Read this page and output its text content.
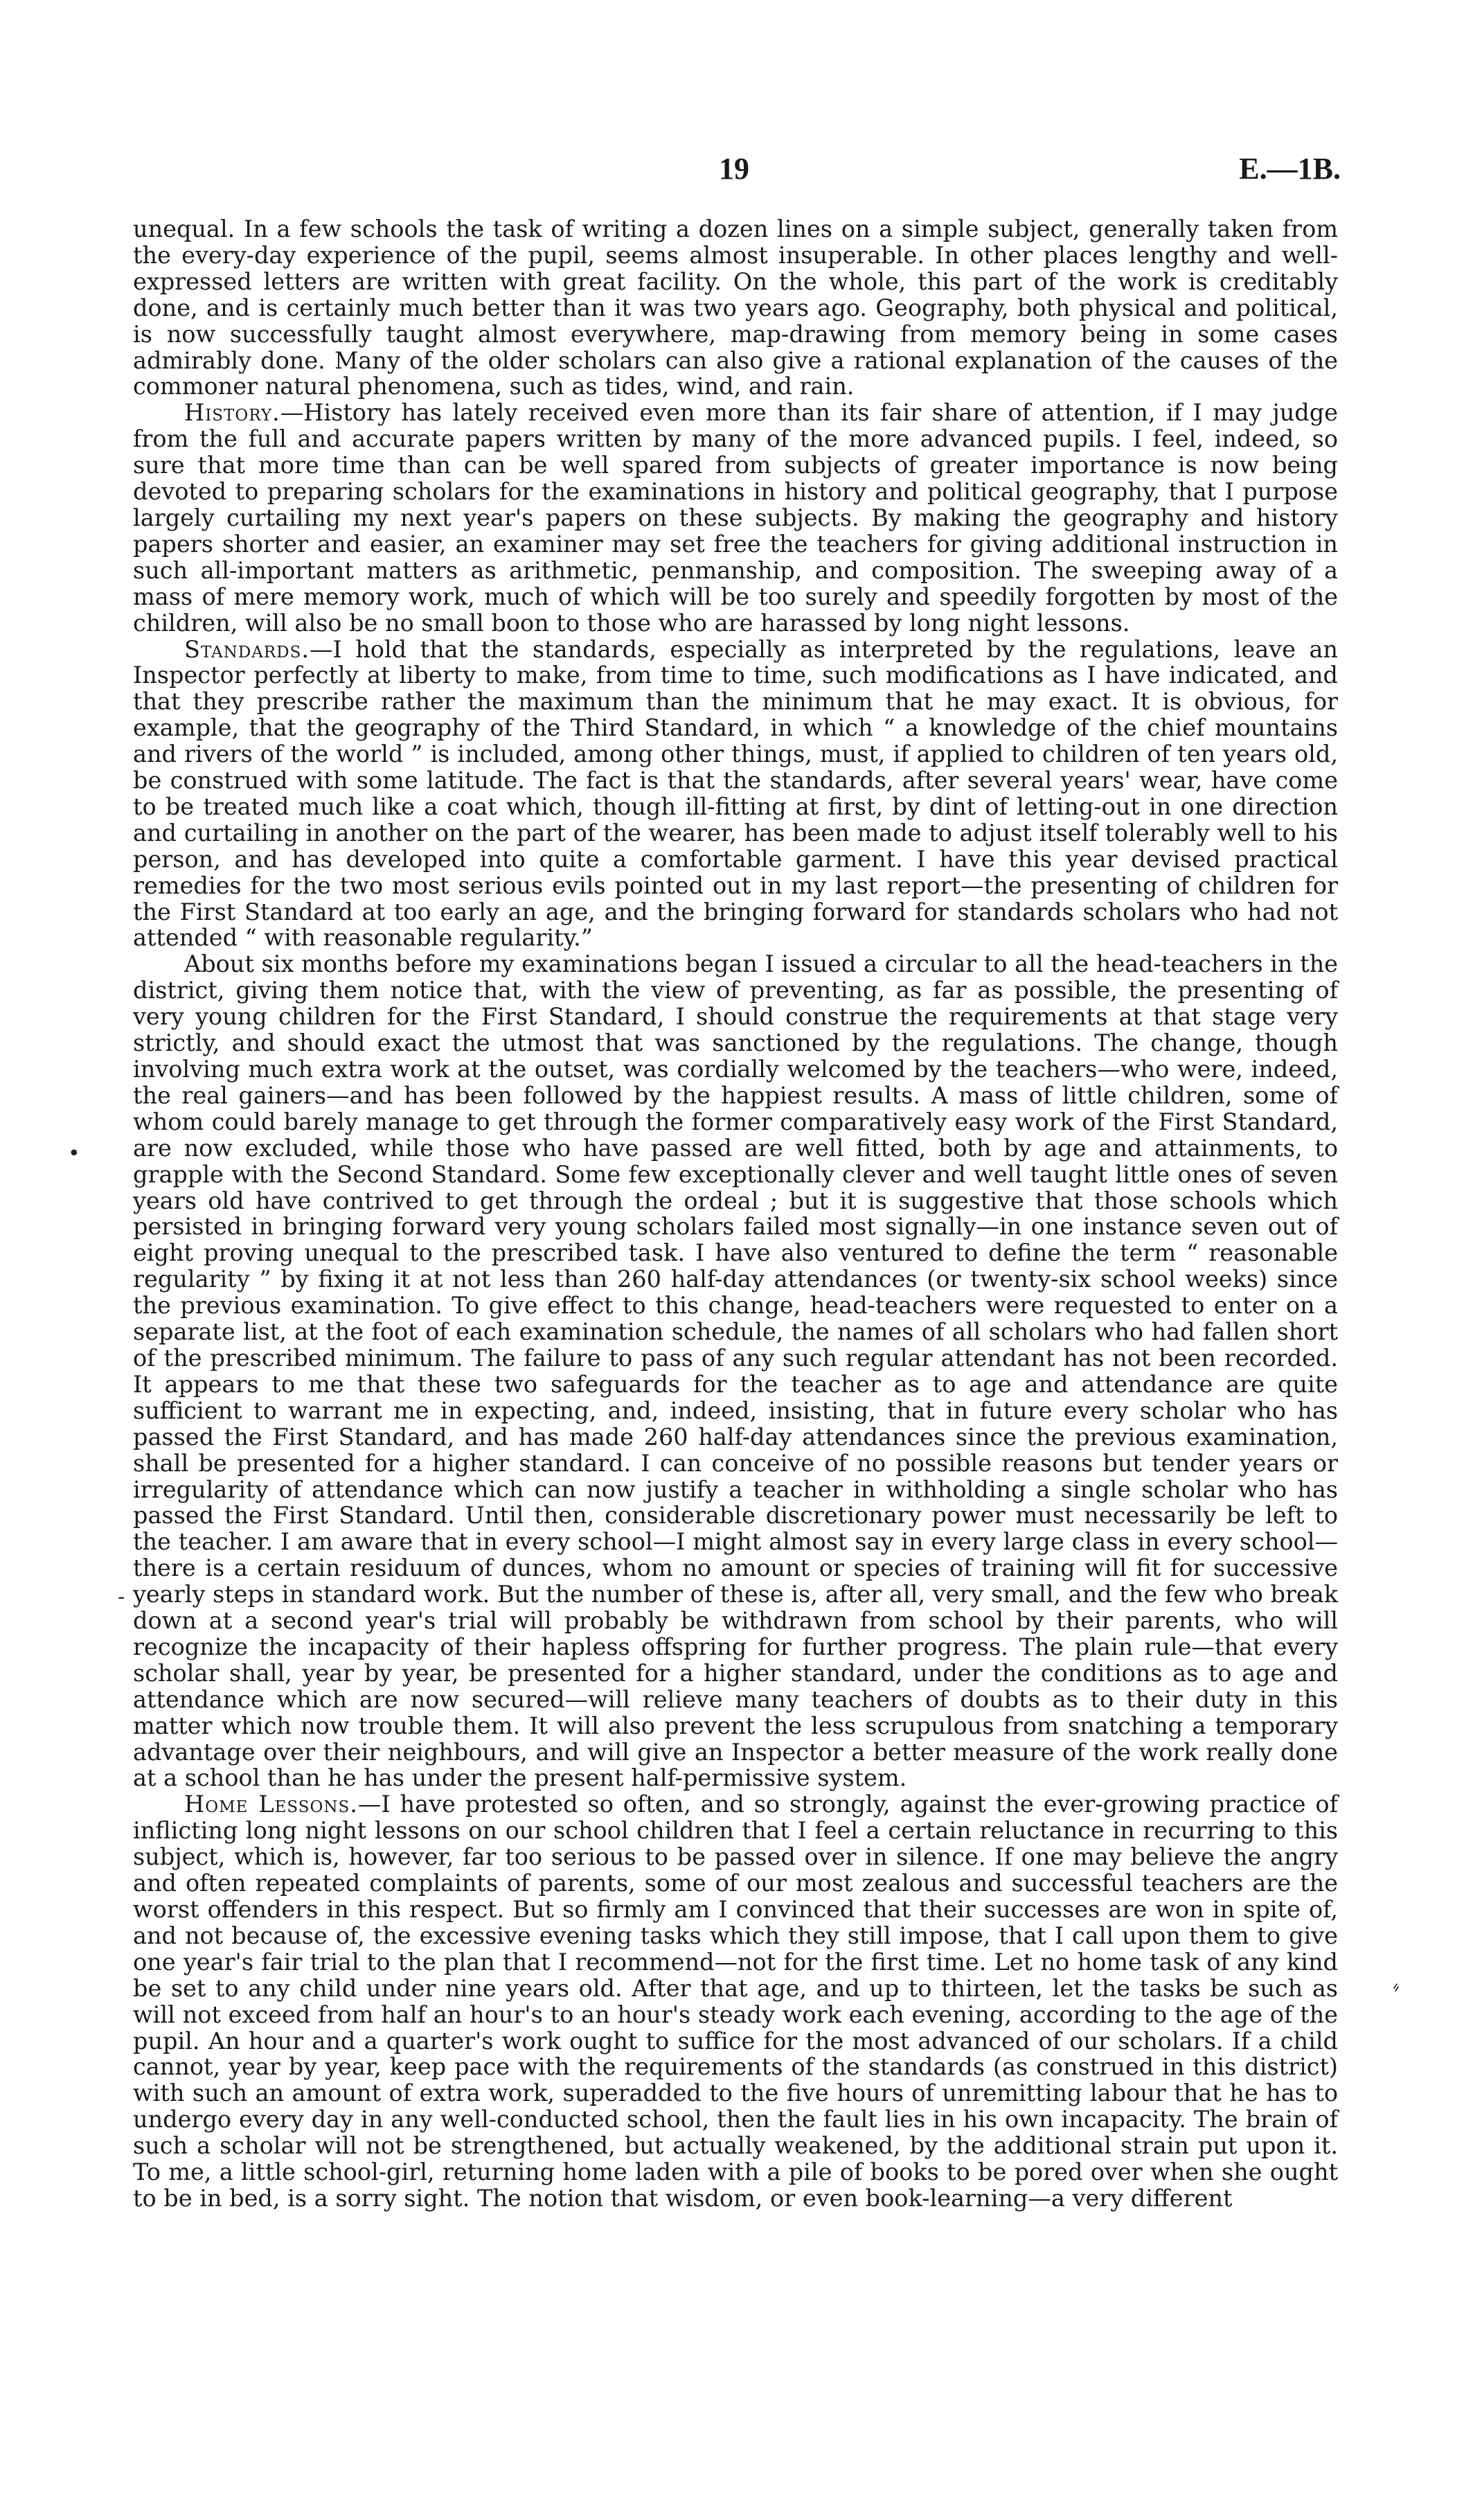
19	E.—1B.

unequal. In a few schools the task of writing a dozen lines on a simple subject, generally taken from the every-day experience of the pupil, seems almost insuperable. In other places lengthy and well-expressed letters are written with great facility. On the whole, this part of the work is creditably done, and is certainly much better than it was two years ago. Geography, both physical and political, is now successfully taught almost everywhere, map-drawing from memory being in some cases admirably done. Many of the older scholars can also give a rational explanation of the causes of the commoner natural phenomena, such as tides, wind, and rain.

History.—History has lately received even more than its fair share of attention, if I may judge from the full and accurate papers written by many of the more advanced pupils. I feel, indeed, so sure that more time than can be well spared from subjects of greater importance is now being devoted to preparing scholars for the examinations in history and political geography, that I purpose largely curtailing my next year's papers on these subjects. By making the geography and history papers shorter and easier, an examiner may set free the teachers for giving additional instruction in such all-important matters as arithmetic, penmanship, and composition. The sweeping away of a mass of mere memory work, much of which will be too surely and speedily forgotten by most of the children, will also be no small boon to those who are harassed by long night lessons.

Standards.—I hold that the standards, especially as interpreted by the regulations, leave an Inspector perfectly at liberty to make, from time to time, such modifications as I have indicated, and that they prescribe rather the maximum than the minimum that he may exact. It is obvious, for example, that the geography of the Third Standard, in which “ a knowledge of the chief mountains and rivers of the world ” is included, among other things, must, if applied to children of ten years old, be construed with some latitude. The fact is that the standards, after several years' wear, have come to be treated much like a coat which, though ill-fitting at first, by dint of letting-out in one direction and curtailing in another on the part of the wearer, has been made to adjust itself tolerably well to his person, and has developed into quite a comfortable garment. I have this year devised practical remedies for the two most serious evils pointed out in my last report—the presenting of children for the First Standard at too early an age, and the bringing forward for standards scholars who had not attended “ with reasonable regularity.”

About six months before my examinations began I issued a circular to all the head-teachers in the district, giving them notice that, with the view of preventing, as far as possible, the presenting of very young children for the First Standard, I should construe the requirements at that stage very strictly, and should exact the utmost that was sanctioned by the regulations. The change, though involving much extra work at the outset, was cordially welcomed by the teachers—who were, indeed, the real gainers—and has been followed by the happiest results. A mass of little children, some of whom could barely manage to get through the former comparatively easy work of the First Standard, are now excluded, while those who have passed are well fitted, both by age and attainments, to grapple with the Second Standard. Some few exceptionally clever and well taught little ones of seven years old have contrived to get through the ordeal ; but it is suggestive that those schools which persisted in bringing forward very young scholars failed most signally—in one instance seven out of eight proving unequal to the prescribed task. I have also ventured to define the term “ reasonable regularity ” by fixing it at not less than 260 half-day attendances (or twenty-six school weeks) since the previous examination. To give effect to this change, head-teachers were requested to enter on a separate list, at the foot of each examination schedule, the names of all scholars who had fallen short of the prescribed minimum. The failure to pass of any such regular attendant has not been recorded. It appears to me that these two safeguards for the teacher as to age and attendance are quite sufficient to warrant me in expecting, and, indeed, insisting, that in future every scholar who has passed the First Standard, and has made 260 half-day attendances since the previous examination, shall be presented for a higher standard. I can conceive of no possible reasons but tender years or irregularity of attendance which can now justify a teacher in withholding a single scholar who has passed the First Standard. Until then, considerable discretionary power must necessarily be left to the teacher. I am aware that in every school—I might almost say in every large class in every school—there is a certain residuum of dunces, whom no amount or species of training will fit for successive yearly steps in standard work. But the number of these is, after all, very small, and the few who break down at a second year's trial will probably be withdrawn from school by their parents, who will recognize the incapacity of their hapless offspring for further progress. The plain rule—that every scholar shall, year by year, be presented for a higher standard, under the conditions as to age and attendance which are now secured—will relieve many teachers of doubts as to their duty in this matter which now trouble them. It will also prevent the less scrupulous from snatching a temporary advantage over their neighbours, and will give an Inspector a better measure of the work really done at a school than he has under the present half-permissive system.

Home Lessons.—I have protested so often, and so strongly, against the ever-growing practice of inflicting long night lessons on our school children that I feel a certain reluctance in recurring to this subject, which is, however, far too serious to be passed over in silence. If one may believe the angry and often repeated complaints of parents, some of our most zealous and successful teachers are the worst offenders in this respect. But so firmly am I convinced that their successes are won in spite of, and not because of, the excessive evening tasks which they still impose, that I call upon them to give one year's fair trial to the plan that I recommend—not for the first time. Let no home task of any kind be set to any child under nine years old. After that age, and up to thirteen, let the tasks be such as will not exceed from half an hour's to an hour's steady work each evening, according to the age of the pupil. An hour and a quarter's work ought to suffice for the most advanced of our scholars. If a child cannot, year by year, keep pace with the requirements of the standards (as construed in this district) with such an amount of extra work, superadded to the five hours of unremitting labour that he has to undergo every day in any well-conducted school, then the fault lies in his own incapacity. The brain of such a scholar will not be strengthened, but actually weakened, by the additional strain put upon it. To me, a little school-girl, returning home laden with a pile of books to be pored over when she ought to be in bed, is a sorry sight. The notion that wisdom, or even book-learning—a very different

•
-
⸗
